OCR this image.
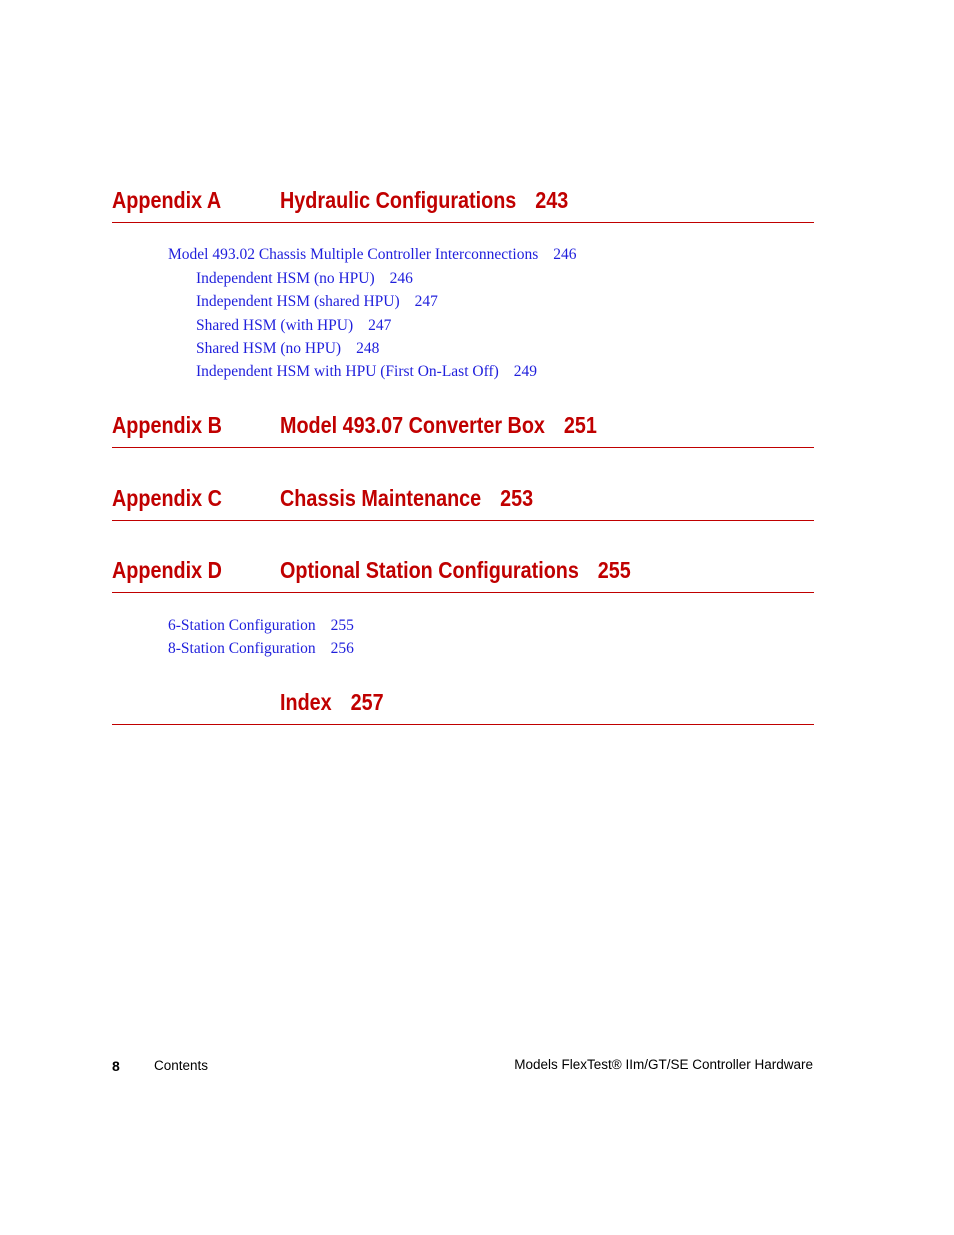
Appendix A	Hydraulic Configurations 243
Model 493.02 Chassis Multiple Controller Interconnections 246
Independent HSM (no HPU) 246
Independent HSM (shared HPU) 247
Shared HSM (with HPU) 247
Shared HSM (no HPU) 248
Independent HSM with HPU (First On-Last Off) 249
Appendix B	Model 493.07 Converter Box 251
Appendix C	Chassis Maintenance 253
Appendix D	Optional Station Configurations 255
6-Station Configuration 255
8-Station Configuration 256
Index 257
8	Contents	Models FlexTest® IIm/GT/SE Controller Hardware
